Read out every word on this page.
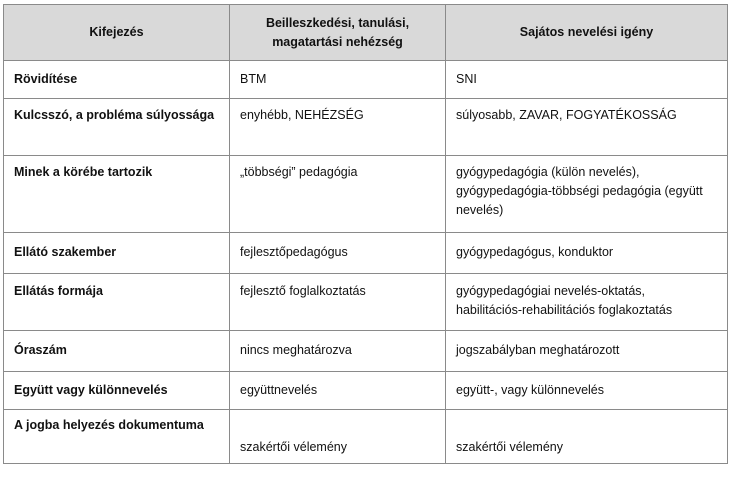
Kifejezés	Beilleszkedési, tanulási, magatartási nehézség	Sajátos nevelési igény
Rövidítése	BTM	SNI
Kulcsszó, a probléma súlyossága	enyhébb, NEHÉZSÉG	súlyosabb, ZAVAR, FOGYATÉKOSSÁG
Minek a körébe tartozik	„többségi” pedagógia	gyógypedagógia (külön nevelés),
gyógypedagógia-többségi pedagógia (együtt nevelés)
Ellátó szakember	fejlesztőpedagógus	gyógypedagógus, konduktor
Ellátás formája	fejlesztő foglalkoztatás	gyógypedagógiai nevelés-oktatás,
habilitációs-rehabilitációs foglakoztatás
Óraszám	nincs meghatározva	jogszabályban meghatározott
Együtt vagy különnevelés	együttnevelés	együtt-, vagy különnevelés
A jogba helyezés dokumentuma	szakértői vélemény	szakértői vélemény
